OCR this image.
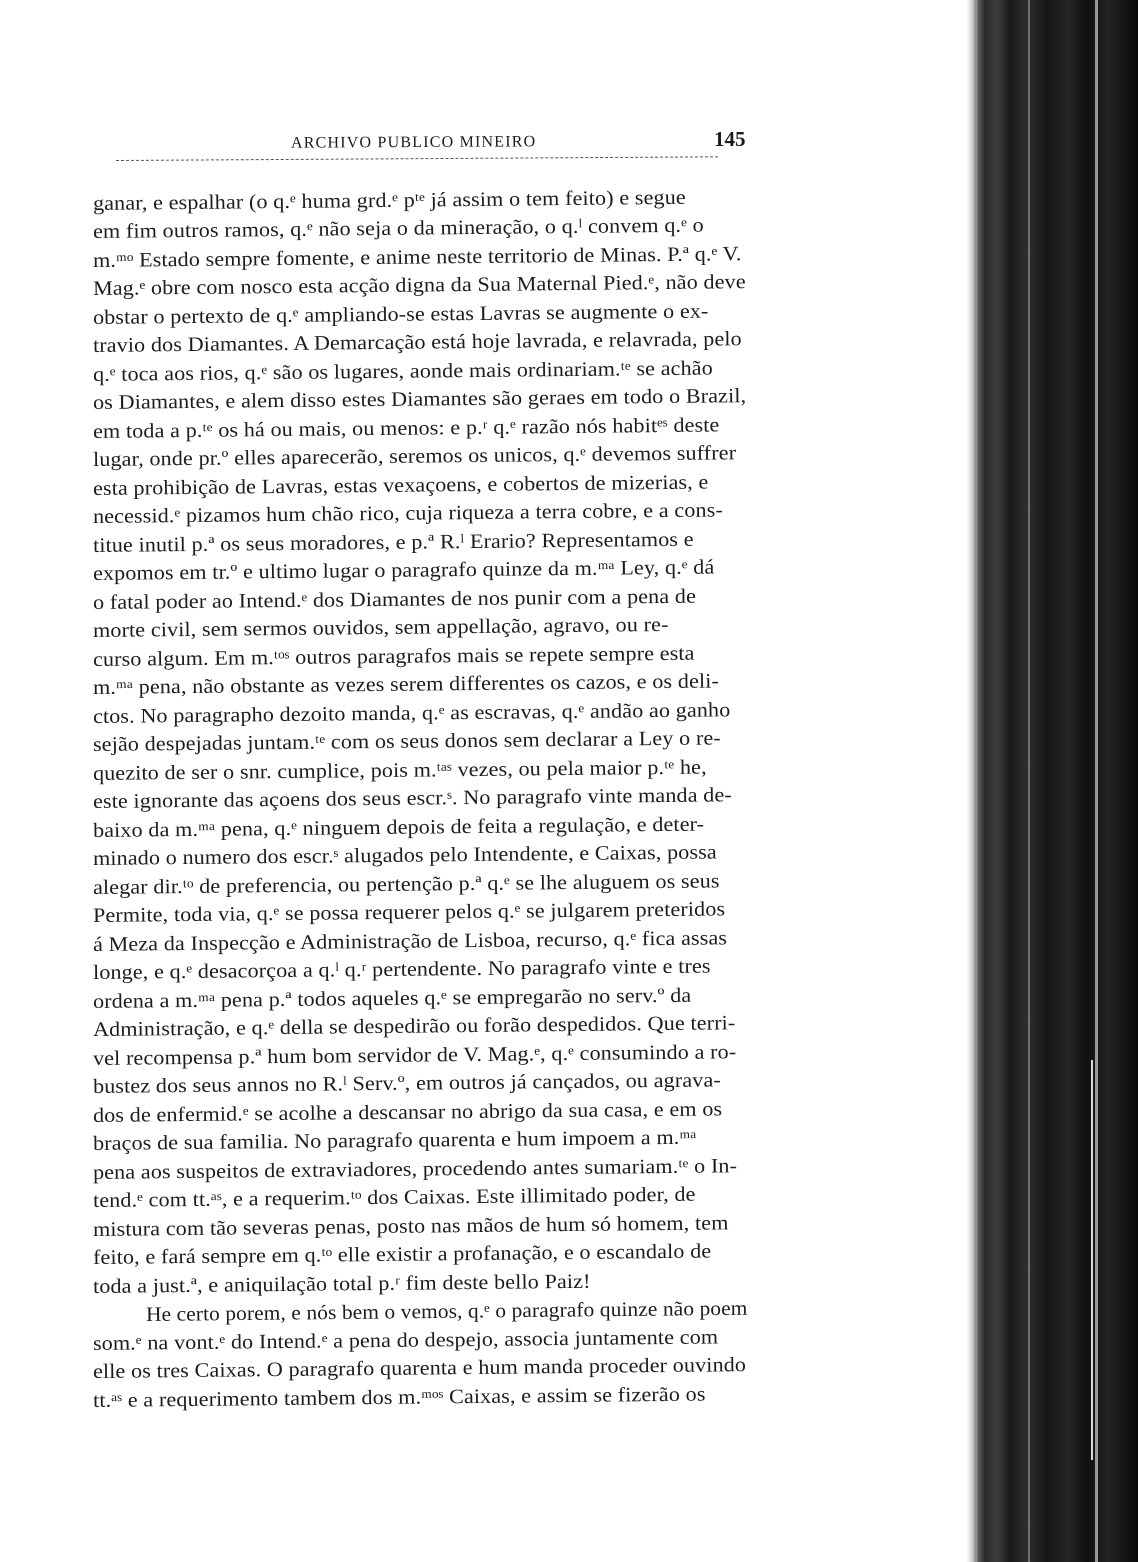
ARCHIVO PUBLICO MINEIRO	145
ganar, e espalhar (o q.ᵉ huma grd.ᵉ pᵗᵉ já assim o tem feito) e segue
em fim outros ramos, q.ᵉ não seja o da mineração, o q.ˡ convem q.ᵉ o
m.ᵐᵒ Estado sempre fomente, e anime neste territorio de Minas. P.ª q.ᵉ V.
Mag.ᵉ obre com nosco esta acção digna da Sua Maternal Pied.ᵉ, não deve
obstar o pertexto de q.ᵉ ampliando-se estas Lavras se augmente o ex-
travio dos Diamantes. A Demarcação está hoje lavrada, e relavrada, pelo
q.ᵉ toca aos rios, q.ᵉ são os lugares, aonde mais ordinariam.ᵗᵉ se achão
os Diamantes, e alem disso estes Diamantes são geraes em todo o Brazil,
em toda a p.ᵗᵉ os há ou mais, ou menos: e p.ʳ q.ᵉ razão nós habitᵉˢ deste
lugar, onde pr.º elles aparecerão, seremos os unicos, q.ᵉ devemos suffrer
esta prohibição de Lavras, estas vexaçoens, e cobertos de mizerias, e
necessid.ᵉ pizamos hum chão rico, cuja riqueza a terra cobre, e a cons-
titue inutil p.ª os seus moradores, e p.ª R.ˡ Erario? Representamos e
expomos em tr.º e ultimo lugar o paragrafo quinze da m.ᵐᵃ Ley, q.ᵉ dá
o fatal poder ao Intend.ᵉ dos Diamantes de nos punir com a pena de
morte civil, sem sermos ouvidos, sem appellação, agravo, ou re-
curso algum. Em m.ᵗᵒˢ outros paragrafos mais se repete sempre esta
m.ᵐᵃ pena, não obstante as vezes serem differentes os cazos, e os deli-
ctos. No paragrapho dezoito manda, q.ᵉ as escravas, q.ᵉ andão ao ganho
sejão despejadas juntam.ᵗᵉ com os seus donos sem declarar a Ley o re-
quezito de ser o snr. cumplice, pois m.ᵗᵃˢ vezes, ou pela maior p.ᵗᵉ he,
este ignorante das açoens dos seus escr.ˢ. No paragrafo vinte manda de-
baixo da m.ᵐᵃ pena, q.ᵉ ninguem depois de feita a regulação, e deter-
minado o numero dos escr.ˢ alugados pelo Intendente, e Caixas, possa
alegar dir.ᵗᵒ de preferencia, ou pertenção p.ª q.ᵉ se lhe aluguem os seus
Permite, toda via, q.ᵉ se possa requerer pelos q.ᵉ se julgarem preteridos
á Meza da Inspecção e Administração de Lisboa, recurso, q.ᵉ fica assas
longe, e q.ᵉ desacorçoa a q.ˡ q.ʳ pertendente. No paragrafo vinte e tres
ordena a m.ᵐᵃ pena p.ª todos aqueles q.ᵉ se empregarão no serv.º da
Administração, e q.ᵉ della se despedirão ou forão despedidos. Que terri-
vel recompensa p.ª hum bom servidor de V. Mag.ᵉ, q.ᵉ consumindo a ro-
bustez dos seus annos no R.ˡ Serv.º, em outros já cançados, ou agrava-
dos de enfermid.ᵉ se acolhe a descansar no abrigo da sua casa, e em os
braços de sua familia. No paragrafo quarenta e hum impoem a m.ᵐᵃ
pena aos suspeitos de extraviadores, procedendo antes sumariam.ᵗᵉ o In-
tend.ᵉ com tt.ᵃˢ, e a requerim.ᵗᵒ dos Caixas. Este illimitado poder, de
mistura com tão severas penas, posto nas mãos de hum só homem, tem
feito, e fará sempre em q.ᵗᵒ elle existir a profanação, e o escandalo de
toda a just.ª, e aniquilação total p.ʳ fim deste bello Paiz!
He certo porem, e nós bem o vemos, q.ᵉ o paragrafo quinze não poem
som.ᵉ na vont.ᵉ do Intend.ᵉ a pena do despejo, associa juntamente com
elle os tres Caixas. O paragrafo quarenta e hum manda proceder ouvindo
tt.ᵃˢ e a requerimento tambem dos m.ᵐᵒˢ Caixas, e assim se fizerão os
